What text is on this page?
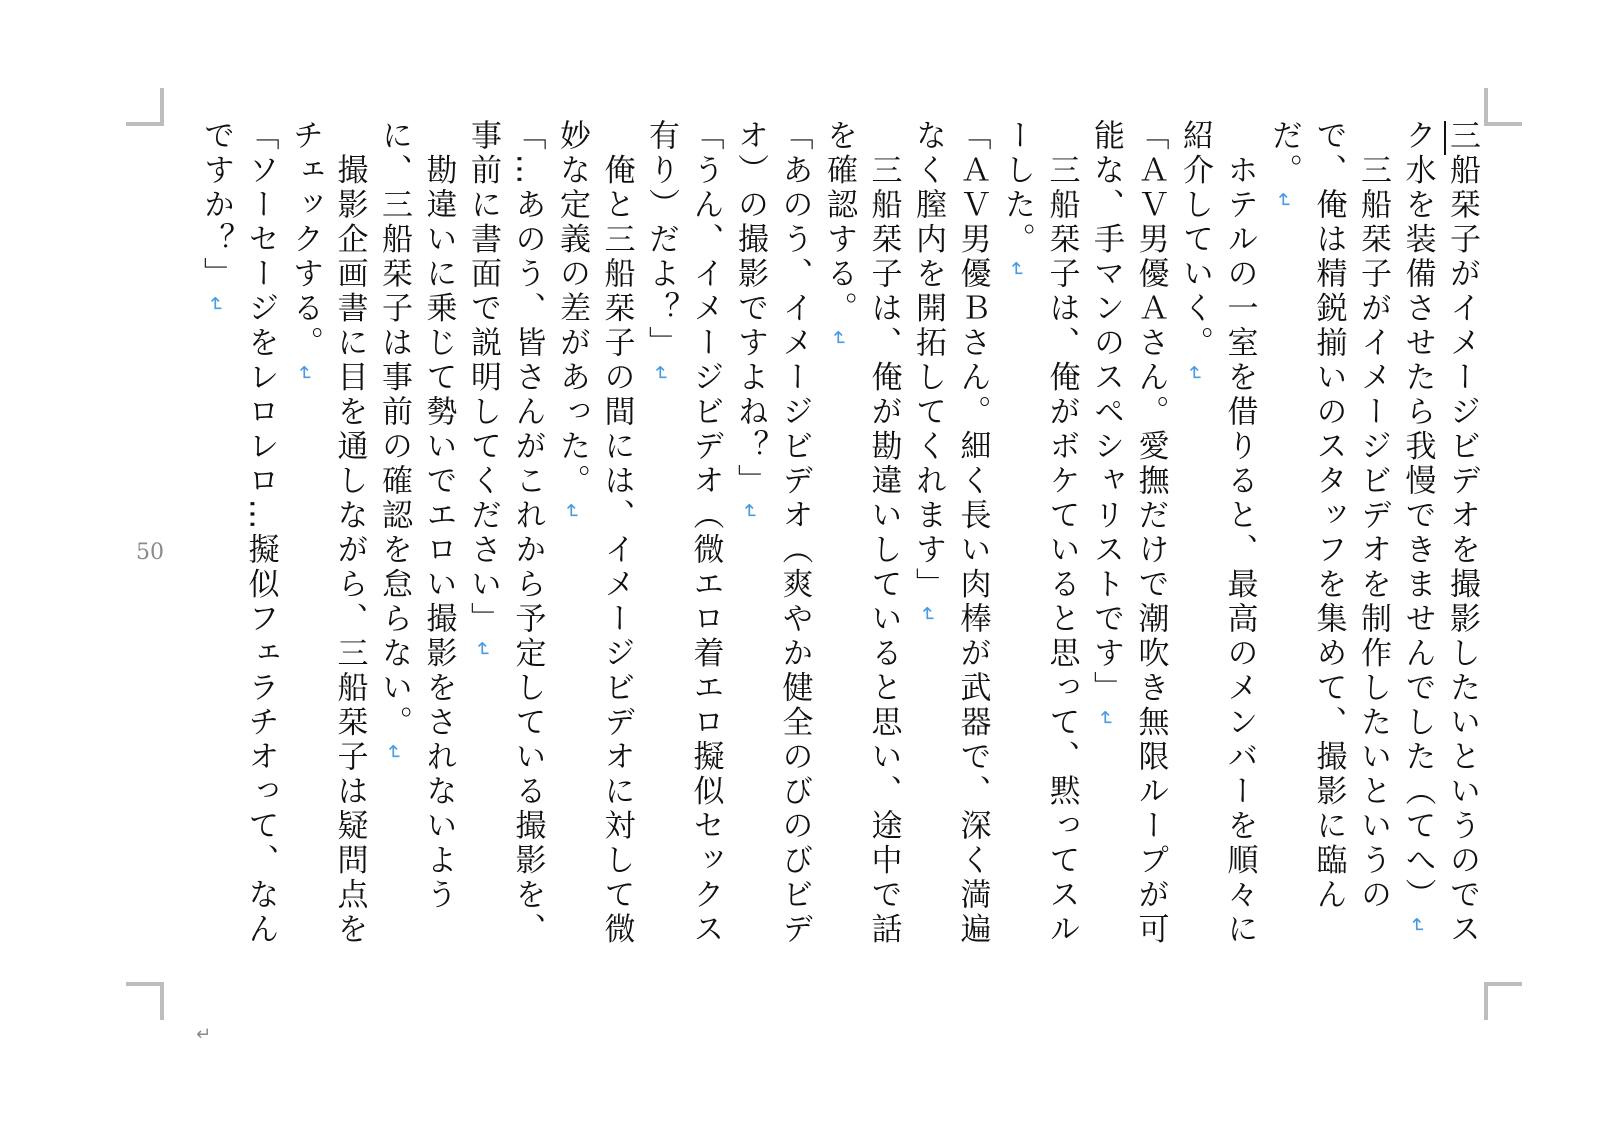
50
↵
三船栞子がイメージビデオを撮影したいというのでスク水を装備させたら我慢できませんでした（てへ）↵
　三船栞子がイメージビデオを制作したいというので、俺は精鋭揃いのスタッフを集めて、撮影に臨んだ。↵
　ホテルの一室を借りると、最高のメンバーを順々に紹介していく。↵
「ＡＶ男優Ａさん。愛撫だけで潮吹き無限ループが可能な、手マンのスペシャリストです」↵
　三船栞子は、俺がボケていると思って、黙ってスルーした。↵
「ＡＶ男優Ｂさん。細く長い肉棒が武器で、深く満遍なく膣内を開拓してくれます」↵
　三船栞子は、俺が勘違いしていると思い、途中で話を確認する。↵
「あのう、イメージビデオ（爽やか健全のびのびビデオ）の撮影ですよね？」↵
「うん、イメージビデオ（微エロ着エロ擬似セックス有り）だよ？」↵
　俺と三船栞子の間には、イメージビデオに対して微妙な定義の差があった。↵
「…あのう、皆さんがこれから予定している撮影を、事前に書面で説明してください」↵
　勘違いに乗じて勢いでエロい撮影をされないように、三船栞子は事前の確認を怠らない。↵
　撮影企画書に目を通しながら、三船栞子は疑問点をチェックする。↵
「ソーセージをレロレロ…擬似フェラチオって、なんですか？」↵
